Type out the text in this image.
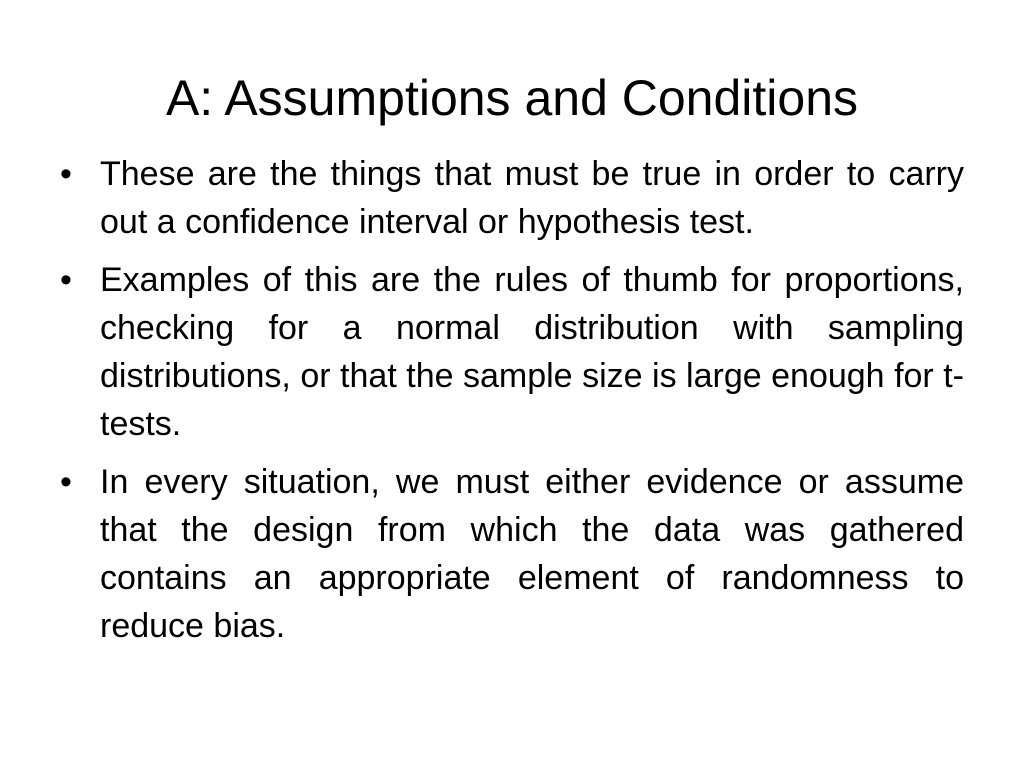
A: Assumptions and Conditions
• These are the things that must be true in order to carry out a confidence interval or hypothesis test.
• Examples of this are the rules of thumb for proportions, checking for a normal distribution with sampling distributions, or that the sample size is large enough for t-tests.
• In every situation, we must either evidence or assume that the design from which the data was gathered contains an appropriate element of randomness to reduce bias.
